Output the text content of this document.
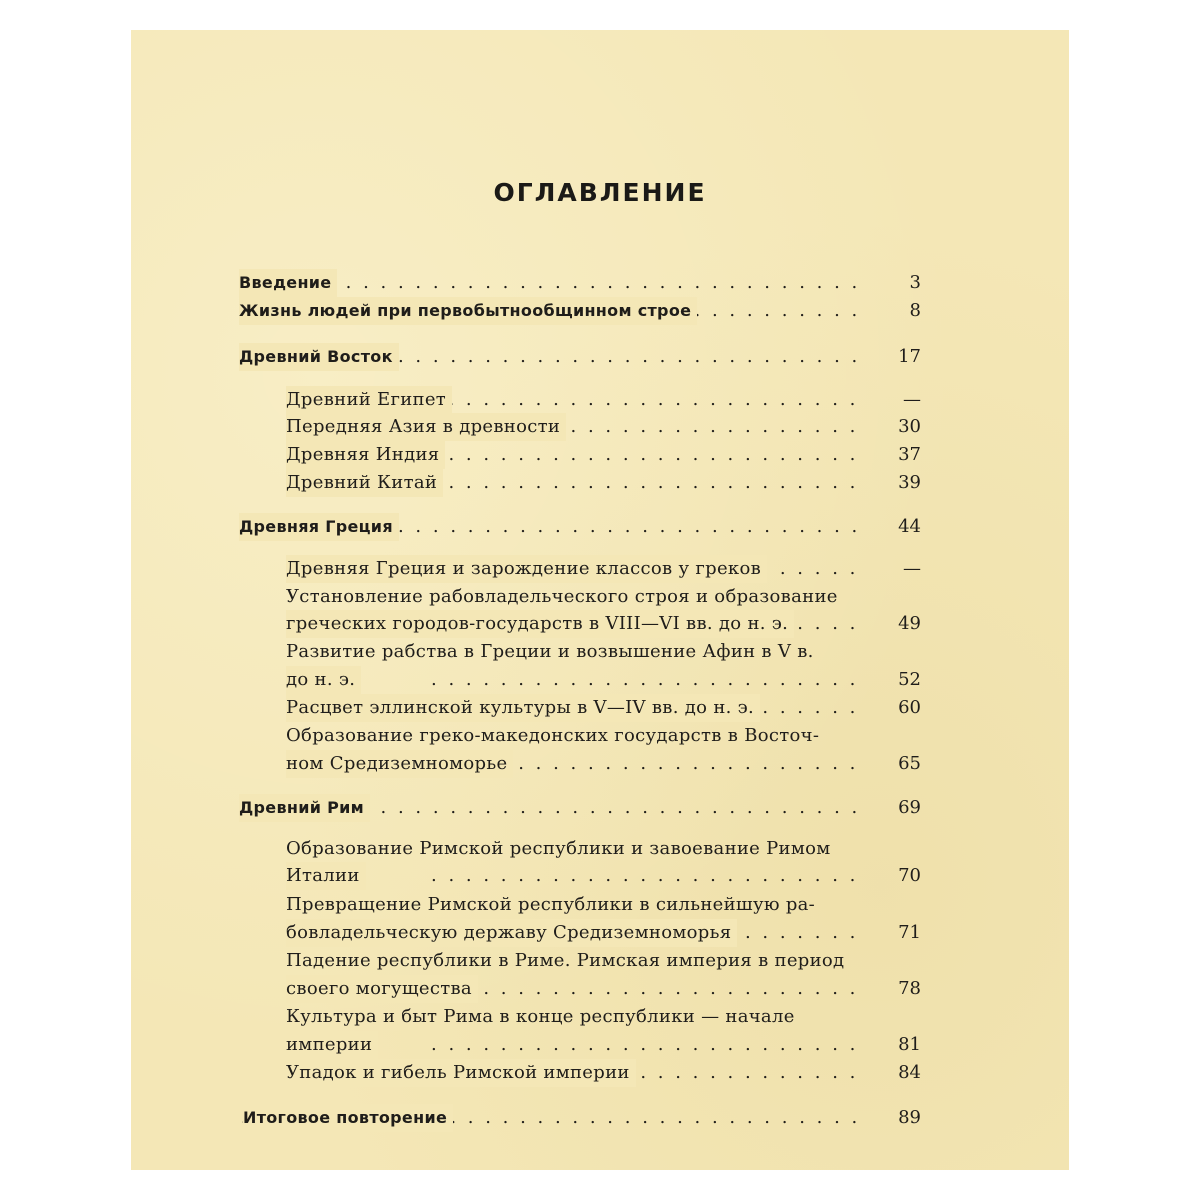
ОГЛАВЛЕНИЕ
. . .
Введение	3
. . .
Жизнь людей при первобытнообщинном строе	8
. . .
Древний Восток	17
. . .
Древний Египет	—
. . .
Передняя Азия в древности	30
. . .
Древняя Индия	37
. . .
Древний Китай	39
. . .
Древняя Греция	44
. . .
Древняя Греция и зарождение классов у греков	—
Установление рабовладельческого строя и образование
. . .
греческих городов-государств в VIII—VI вв. до н. э.	49
Развитие рабства в Греции и возвышение Афин в V в.
. . .
до н. э.	52
. . .
Расцвет эллинской культуры в V—IV вв. до н. э.	60
Образование греко-македонских государств в Восточ-
. . .
ном Средиземноморье	65
. . .
Древний Рим	69
Образование Римской республики и завоевание Римом
. . .
Италии	70
Превращение Римской республики в сильнейшую ра-
. . .
бовладельческую державу Средиземноморья	71
Падение республики в Риме. Римская империя в период
. . .
своего могущества	78
Культура и быт Рима в конце республики — начале
. . .
империи	81
. . .
Упадок и гибель Римской империи	84
. . .
Итоговое повторение	89
